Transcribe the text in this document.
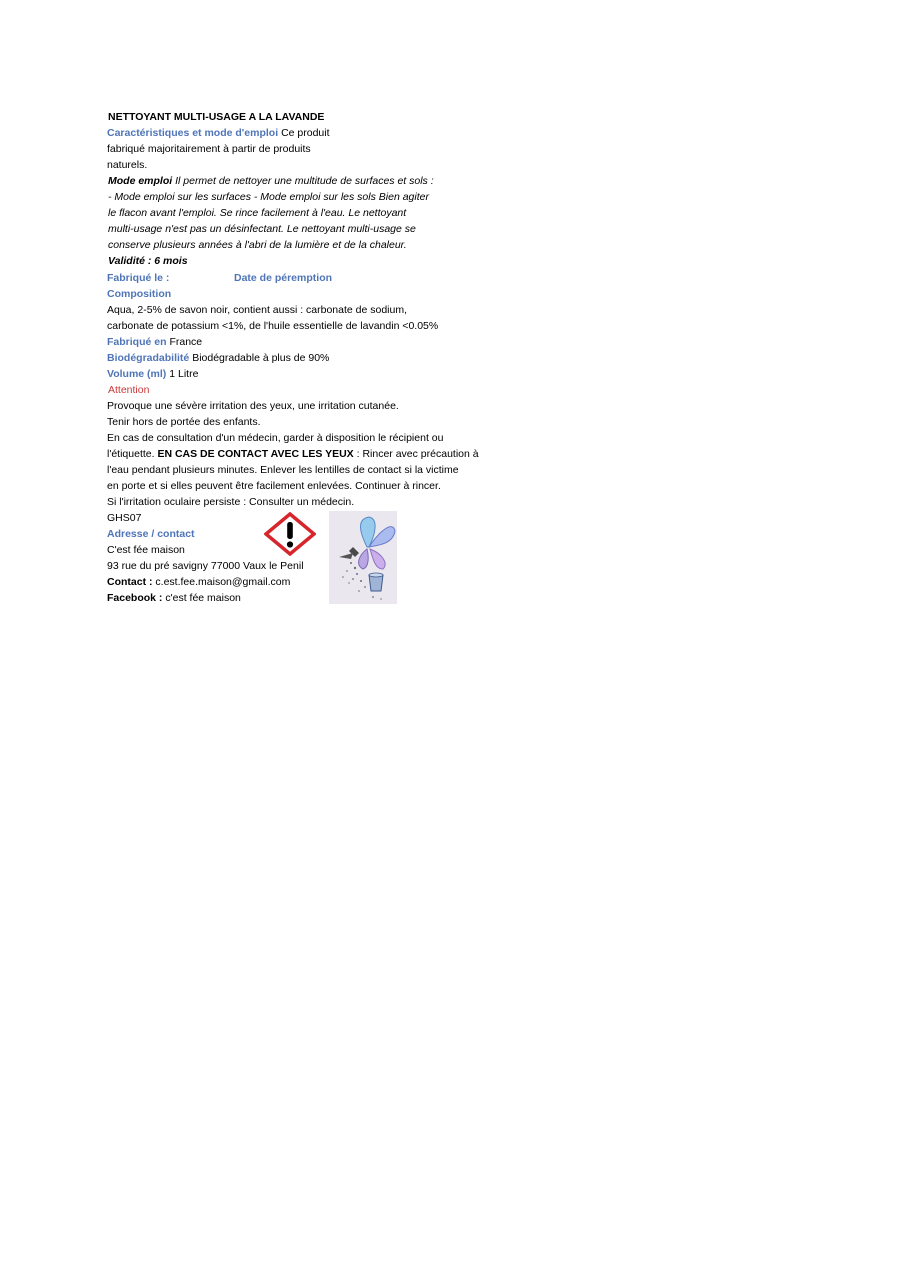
NETTOYANT MULTI-USAGE A LA LAVANDE
Caractéristiques et mode d'emploi Ce produit
fabriqué majoritairement à partir de produits
naturels.
Mode emploi Il permet de nettoyer une multitude de surfaces et sols :
- Mode emploi sur les surfaces - Mode emploi sur les sols Bien agiter
le flacon avant l'emploi. Se rince facilement à l'eau. Le nettoyant
multi-usage n'est pas un désinfectant. Le nettoyant multi-usage se
conserve plusieurs années à l'abri de la lumière et de la chaleur.
Validité : 6 mois
Fabriqué le :	Date de péremption
Composition
Aqua, 2-5% de savon noir, contient aussi : carbonate de sodium,
carbonate de potassium <1%, de l'huile essentielle de lavandin <0.05%
Fabriqué en France
Biodégradabilité Biodégradable à plus de 90%
Volume (ml) 1 Litre
Attention
Provoque une sévère irritation des yeux, une irritation cutanée.
Tenir hors de portée des enfants.
En cas de consultation d'un médecin, garder à disposition le récipient ou
l'étiquette. EN CAS DE CONTACT AVEC LES YEUX : Rincer avec précaution à
l'eau pendant plusieurs minutes. Enlever les lentilles de contact si la victime
en porte et si elles peuvent être facilement enlevées. Continuer à rincer.
Si l'irritation oculaire persiste : Consulter un médecin.
GHS07
Adresse / contact
C'est fée maison
93 rue du pré savigny 77000 Vaux le Penil
Contact : c.est.fee.maison@gmail.com
Facebook : c'est fée maison
